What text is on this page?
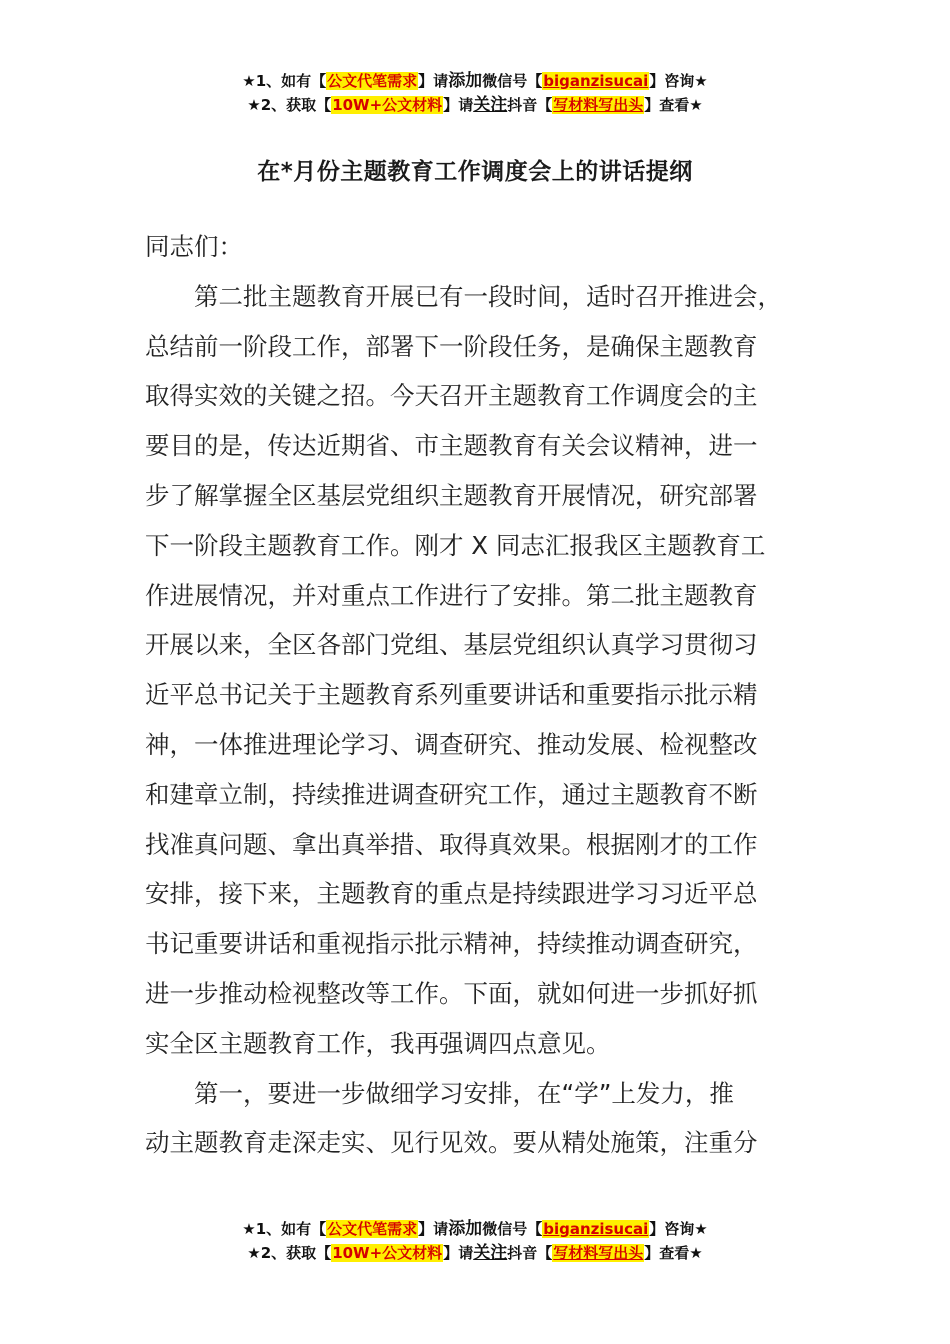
★1、如有【公文代笔需求】请添加微信号【biganzisucai】咨询★
★2、获取【10W+公文材料】请关注抖音【写材料写出头】查看★
在*月份主题教育工作调度会上的讲话提纲
同志们：
第二批主题教育开展已有一段时间，适时召开推进会，
总结前一阶段工作，部署下一阶段任务，是确保主题教育
取得实效的关键之招。今天召开主题教育工作调度会的主
要目的是，传达近期省、市主题教育有关会议精神，进一
步了解掌握全区基层党组织主题教育开展情况，研究部署
下一阶段主题教育工作。刚才 X 同志汇报我区主题教育工
作进展情况，并对重点工作进行了安排。第二批主题教育
开展以来，全区各部门党组、基层党组织认真学习贯彻习
近平总书记关于主题教育系列重要讲话和重要指示批示精
神，一体推进理论学习、调查研究、推动发展、检视整改
和建章立制，持续推进调查研究工作，通过主题教育不断
找准真问题、拿出真举措、取得真效果。根据刚才的工作
安排，接下来，主题教育的重点是持续跟进学习习近平总
书记重要讲话和重视指示批示精神，持续推动调查研究，
进一步推动检视整改等工作。下面，就如何进一步抓好抓
实全区主题教育工作，我再强调四点意见。
第一，要进一步做细学习安排，在“学”上发力，推
动主题教育走深走实、见行见效。要从精处施策，注重分
★1、如有【公文代笔需求】请添加微信号【biganzisucai】咨询★
★2、获取【10W+公文材料】请关注抖音【写材料写出头】查看★
